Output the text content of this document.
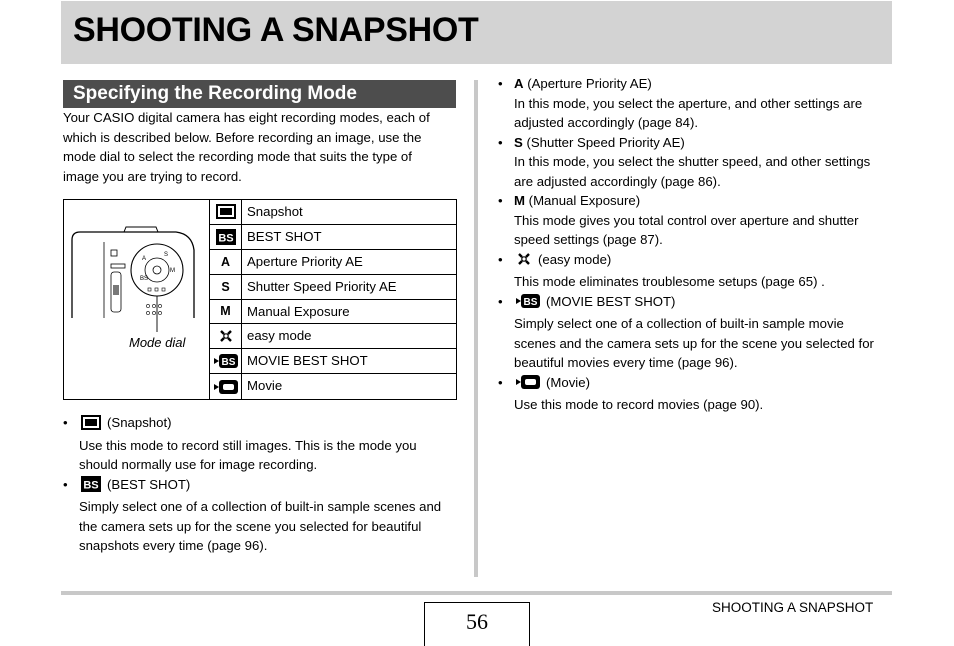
SHOOTING A SNAPSHOT
Specifying the Recording Mode
Your CASIO digital camera has eight recording modes, each of
which is described below. Before recording an image, use the
mode dial to select the recording mode that suits the type of
image you are trying to record.
A
S
M
BS
Mode dial
Snapshot
BS BEST SHOT
A	Aperture Priority AE
S	Shutter Speed Priority AE
M	Manual Exposure
easy mode
BS MOVIE BEST SHOT
Movie
•	(Snapshot)
Use this mode to record still images. This is the mode you
should normally use for image recording.
• BS (BEST SHOT)
Simply select one of a collection of built-in sample scenes and
the camera sets up for the scene you selected for beautiful
snapshots every time (page 96).
• A (Aperture Priority AE)
In this mode, you select the aperture, and other settings are
adjusted accordingly (page 84).
• S (Shutter Speed Priority AE)
In this mode, you select the shutter speed, and other settings
are adjusted accordingly (page 86).
• M (Manual Exposure)
This mode gives you total control over aperture and shutter
speed settings (page 87).
•	(easy mode)
This mode eliminates troublesome setups (page 65) .
• BS (MOVIE BEST SHOT)
Simply select one of a collection of built-in sample movie
scenes and the camera sets up for the scene you selected for
beautiful movies every time (page 96).
•	(Movie)
Use this mode to record movies (page 90).
56
SHOOTING A SNAPSHOT
